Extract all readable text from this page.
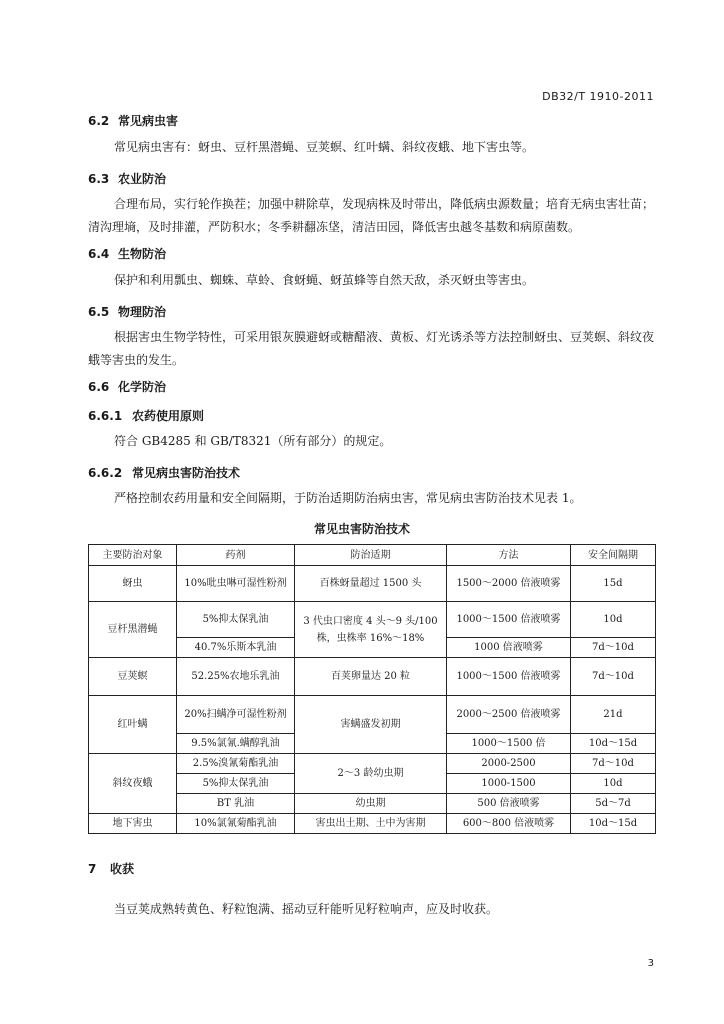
DB32/T 1910-2011
6.2 常见病虫害
常见病虫害有：蚜虫、豆杆黑潜蝇、豆荚螟、红叶螨、斜纹夜蛾、地下害虫等。
6.3 农业防治
合理布局，实行轮作换茬；加强中耕除草，发现病株及时带出，降低病虫源数量；培育无病虫害壮苗；清沟理墒，及时排灌，严防积水；冬季耕翻冻垡，清洁田园，降低害虫越冬基数和病原菌数。
6.4 生物防治
保护和利用瓢虫、蜘蛛、草蛉、食蚜蝇、蚜茧蜂等自然天敌，杀灭蚜虫等害虫。
6.5 物理防治
根据害虫生物学特性，可采用银灰膜避蚜或糖醋液、黄板、灯光诱杀等方法控制蚜虫、豆荚螟、斜纹夜蛾等害虫的发生。
6.6 化学防治
6.6.1 农药使用原则
符合 GB4285 和 GB/T8321（所有部分）的规定。
6.6.2 常见病虫害防治技术
严格控制农药用量和安全间隔期，于防治适期防治病虫害，常见病虫害防治技术见表 1。
常见虫害防治技术
主要防治对象	药剂	防治适期	方法	安全间隔期
蚜虫	10%吡虫啉可湿性粉剂	百株蚜量超过 1500 头	1500～2000 倍液喷雾	15d
豆杆黑潜蝇	5%抑太保乳油	3 代虫口密度 4 头～9 头/100 株，虫株率 16%～18%	1000～1500 倍液喷雾	10d
	40.7%乐斯本乳油		1000 倍液喷雾	7d～10d
豆荚螟	52.25%农地乐乳油	百荚卵量达 20 粒	1000～1500 倍液喷雾	7d～10d
红叶螨	20%扫螨净可湿性粉剂	害螨盛发初期	2000～2500 倍液喷雾	21d
	9.5%氯氰.螨醇乳油		1000～1500 倍	10d～15d
斜纹夜蛾	2.5%溴氰菊酯乳油	2～3 龄幼虫期	2000-2500	7d～10d
	5%抑太保乳油		1000-1500	10d
	BT 乳油	幼虫期	500 倍液喷雾	5d～7d
地下害虫	10%氯氰菊酯乳油	害虫出土期、土中为害期	600～800 倍液喷雾	10d～15d
7 收获
当豆荚成熟转黄色、籽粒饱满、摇动豆秆能听见籽粒响声，应及时收获。
3
